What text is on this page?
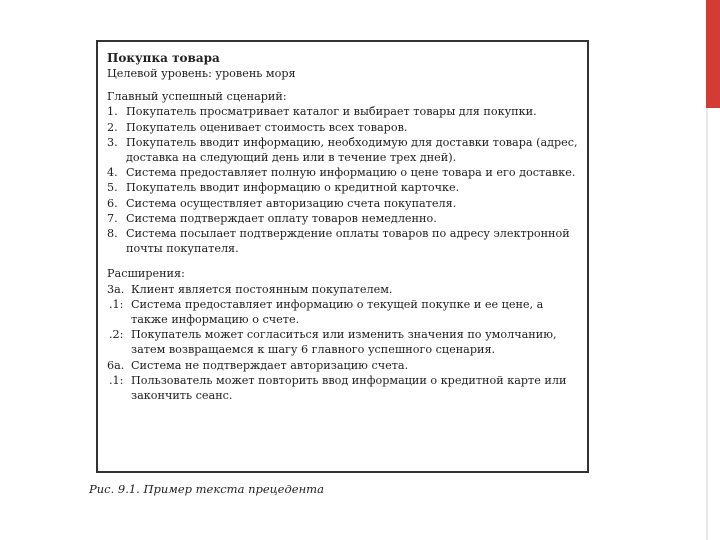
Покупка товара
Целевой уровень: уровень моря
Главный успешный сценарий:
1. Покупатель просматривает каталог и выбирает товары для покупки.
2. Покупатель оценивает стоимость всех товаров.
3. Покупатель вводит информацию, необходимую для доставки товара (адрес, доставка на следующий день или в течение трех дней).
4. Система предоставляет полную информацию о цене товара и его доставке.
5. Покупатель вводит информацию о кредитной карточке.
6. Система осуществляет авторизацию счета покупателя.
7. Система подтверждает оплату товаров немедленно.
8. Система посылает подтверждение оплаты товаров по адресу электронной почты покупателя.
Расширения:
3а. Клиент является постоянным покупателем.
.1: Система предоставляет информацию о текущей покупке и ее цене, а также информацию о счете.
.2: Покупатель может согласиться или изменить значения по умолчанию, затем возвращаемся к шагу 6 главного успешного сценария.
6а. Система не подтверждает авторизацию счета.
.1: Пользователь может повторить ввод информации о кредитной карте или закончить сеанс.
Рис. 9.1. Пример текста прецедента
